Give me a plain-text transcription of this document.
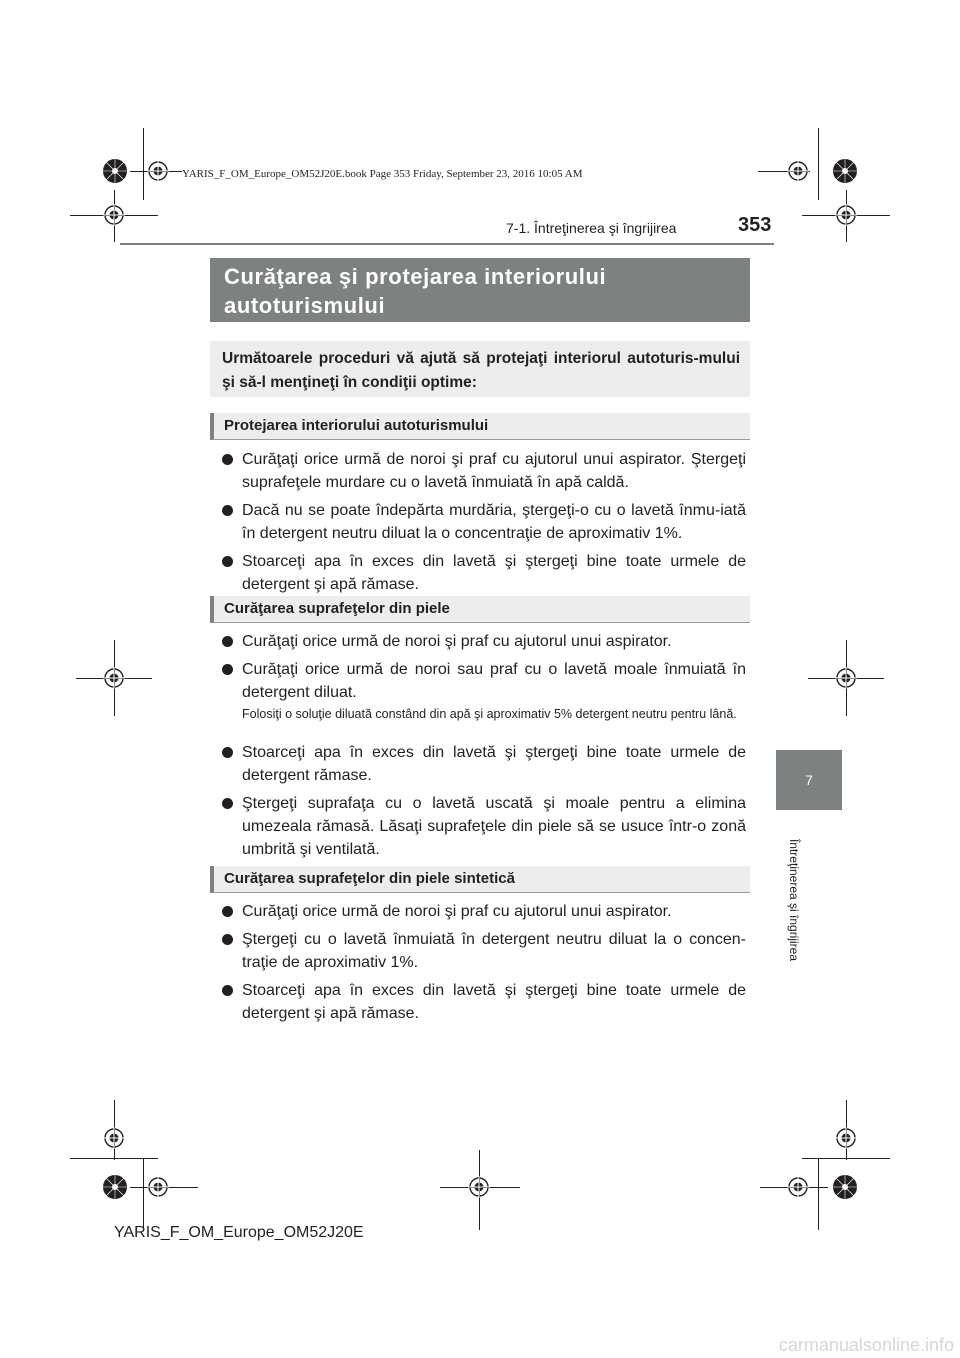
YARIS_F_OM_Europe_OM52J20E.book Page 353 Friday, September 23, 2016 10:05 AM
7-1. Întreţinerea şi îngrijirea	353
7
Întreţinerea şi îngrijirea
Curăţarea şi protejarea interiorului autoturismului
Următoarele proceduri vă ajută să protejaţi interiorul autoturis-mului şi să-l menţineţi în condiţii optime:
Protejarea interiorului autoturismului
Curăţaţi orice urmă de noroi şi praf cu ajutorul unui aspirator. Ştergeţi suprafeţele murdare cu o lavetă înmuiată în apă caldă.
Dacă nu se poate îndepărta murdăria, ştergeţi-o cu o lavetă înmu-iată în detergent neutru diluat la o concentraţie de aproximativ 1%.
Stoarceţi apa în exces din lavetă şi ştergeţi bine toate urmele de detergent şi apă rămase.
Curăţarea suprafeţelor din piele
Curăţaţi orice urmă de noroi şi praf cu ajutorul unui aspirator.
Curăţaţi orice urmă de noroi sau praf cu o lavetă moale înmuiată în detergent diluat.
Folosiţi o soluţie diluată constând din apă şi aproximativ 5% detergent neutru pentru lână.
Stoarceţi apa în exces din lavetă şi ştergeţi bine toate urmele de detergent rămase.
Ştergeţi suprafaţa cu o lavetă uscată şi moale pentru a elimina umezeala rămasă. Lăsaţi suprafeţele din piele să se usuce într-o zonă umbrită şi ventilată.
Curăţarea suprafeţelor din piele sintetică
Curăţaţi orice urmă de noroi şi praf cu ajutorul unui aspirator.
Ştergeţi cu o lavetă înmuiată în detergent neutru diluat la o concen-traţie de aproximativ 1%.
Stoarceţi apa în exces din lavetă şi ştergeţi bine toate urmele de detergent şi apă rămase.
YARIS_F_OM_Europe_OM52J20E
carmanualsonline.info
